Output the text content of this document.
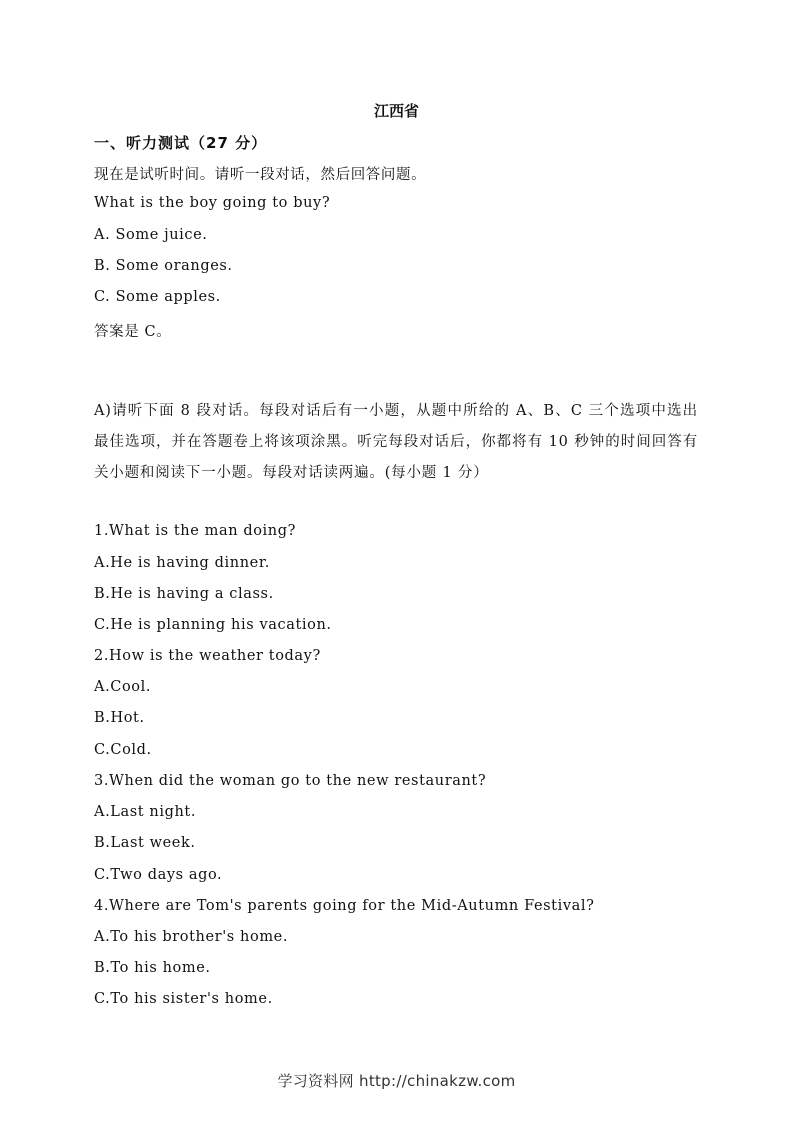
江西省
一、听力测试（27 分）
现在是试听时间。请听一段对话，然后回答问题。
What is the boy going to buy?
A. Some juice.
B. Some oranges.
C. Some apples.
答案是 C。
A)请听下面 8 段对话。每段对话后有一小题，从题中所给的 A、B、C 三个选项中选出 最佳选项，并在答题卷上将该项涂黑。听完每段对话后，你都将有 10 秒钟的时间回答有关小题和阅读下一小题。每段对话读两遍。(每小题 1 分）
1.What is the man doing?
A.He is having dinner.
B.He is having a class.
C.He is planning his vacation.
2.How is the weather today?
A.Cool.
B.Hot.
C.Cold.
3.When did the woman go to the new restaurant?
A.Last night.
B.Last week.
C.Two days ago.
4.Where are Tom's parents going for the Mid-Autumn Festival?
A.To his brother's home.
B.To his home.
C.To his sister's home.
学习资料网 http://chinakzw.com
